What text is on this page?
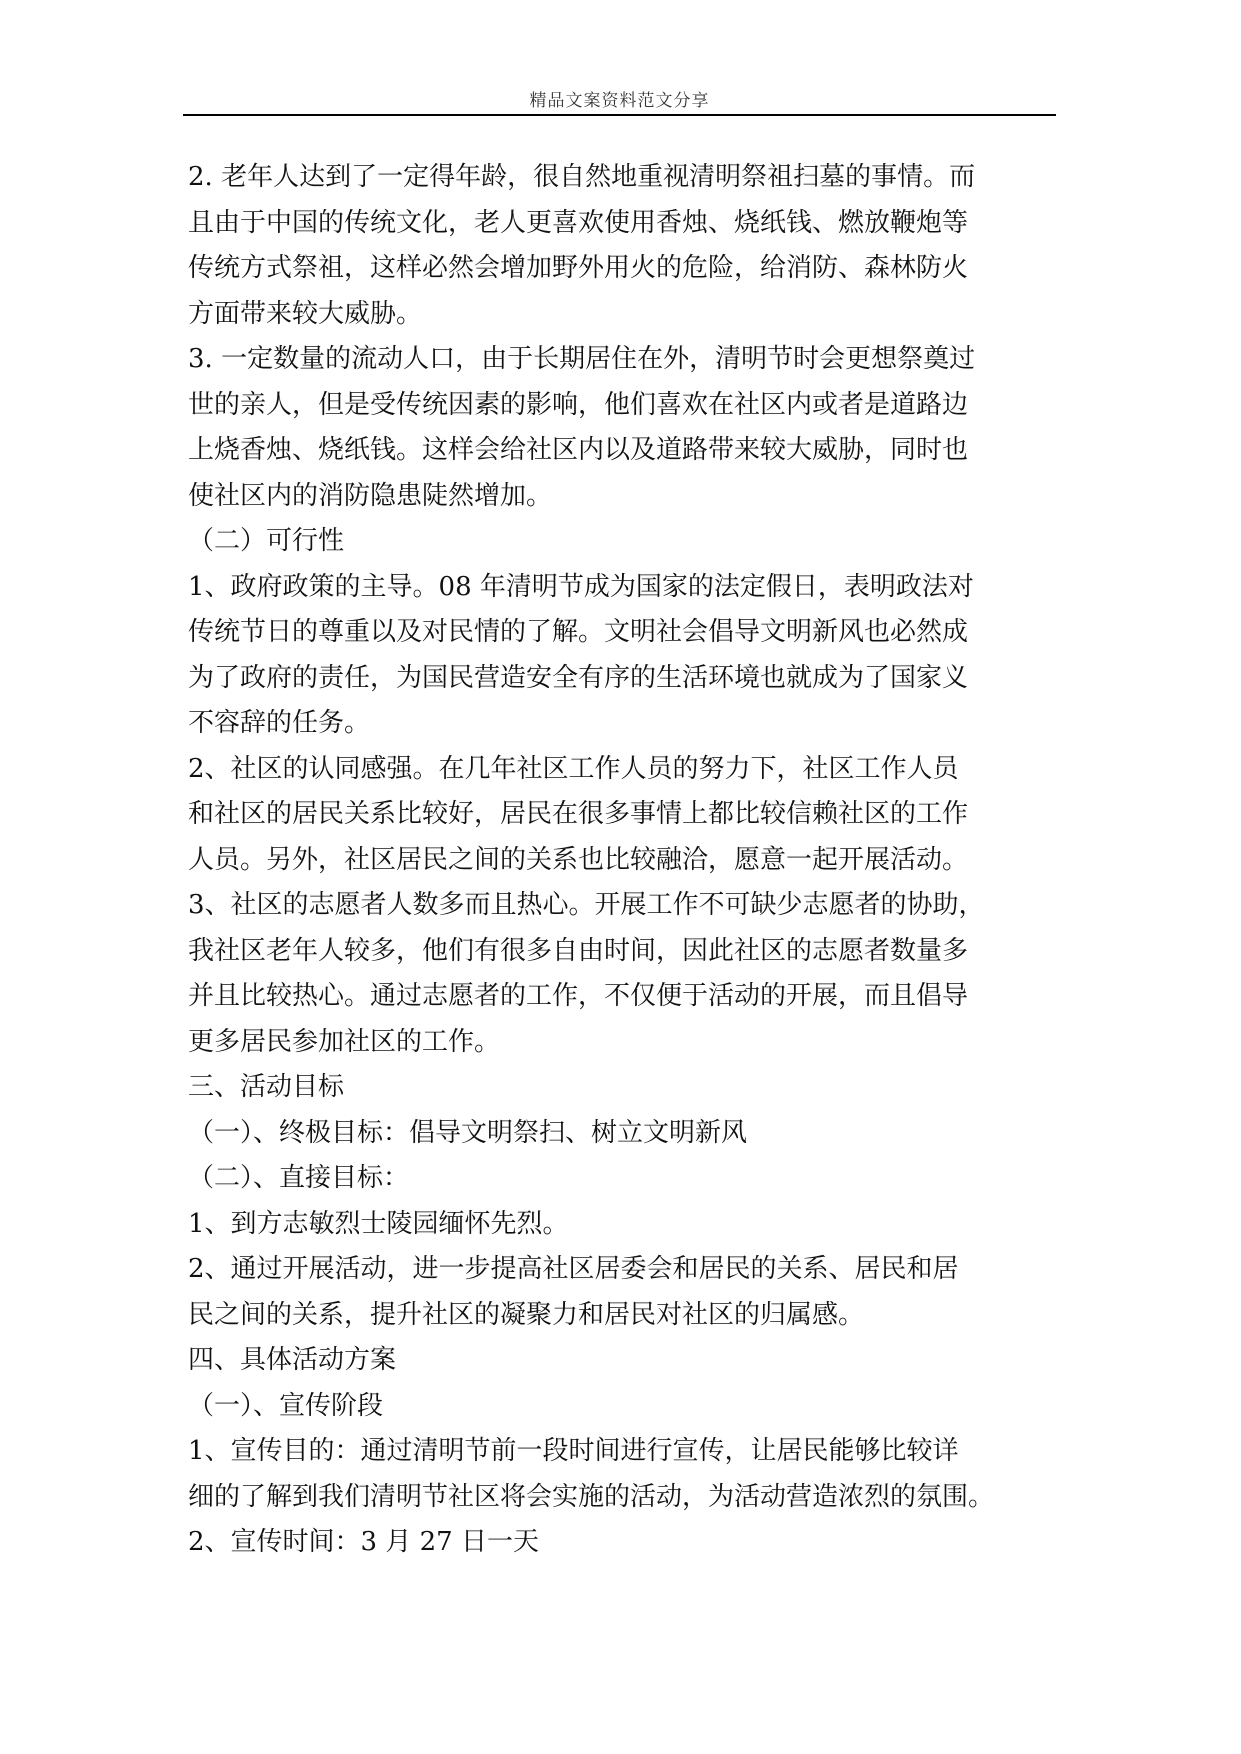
精品文案资料范文分享
2. 老年人达到了一定得年龄，很自然地重视清明祭祖扫墓的事情。而
且由于中国的传统文化，老人更喜欢使用香烛、烧纸钱、燃放鞭炮等
传统方式祭祖，这样必然会增加野外用火的危险，给消防、森林防火
方面带来较大威胁。
3. 一定数量的流动人口，由于长期居住在外，清明节时会更想祭奠过
世的亲人，但是受传统因素的影响，他们喜欢在社区内或者是道路边
上烧香烛、烧纸钱。这样会给社区内以及道路带来较大威胁，同时也
使社区内的消防隐患陡然增加。
（二）可行性
1、政府政策的主导。08 年清明节成为国家的法定假日，表明政法对
传统节日的尊重以及对民情的了解。文明社会倡导文明新风也必然成
为了政府的责任，为国民营造安全有序的生活环境也就成为了国家义
不容辞的任务。
2、社区的认同感强。在几年社区工作人员的努力下，社区工作人员
和社区的居民关系比较好，居民在很多事情上都比较信赖社区的工作
人员。另外，社区居民之间的关系也比较融洽，愿意一起开展活动。
3、社区的志愿者人数多而且热心。开展工作不可缺少志愿者的协助，
我社区老年人较多，他们有很多自由时间，因此社区的志愿者数量多
并且比较热心。通过志愿者的工作，不仅便于活动的开展，而且倡导
更多居民参加社区的工作。
三、活动目标
（一）、终极目标：倡导文明祭扫、树立文明新风
（二）、直接目标：
1、到方志敏烈士陵园缅怀先烈。
2、通过开展活动，进一步提高社区居委会和居民的关系、居民和居
民之间的关系，提升社区的凝聚力和居民对社区的归属感。
四、具体活动方案
（一）、宣传阶段
1、宣传目的：通过清明节前一段时间进行宣传，让居民能够比较详
细的了解到我们清明节社区将会实施的活动，为活动营造浓烈的氛围。
2、宣传时间：3 月 27 日一天
